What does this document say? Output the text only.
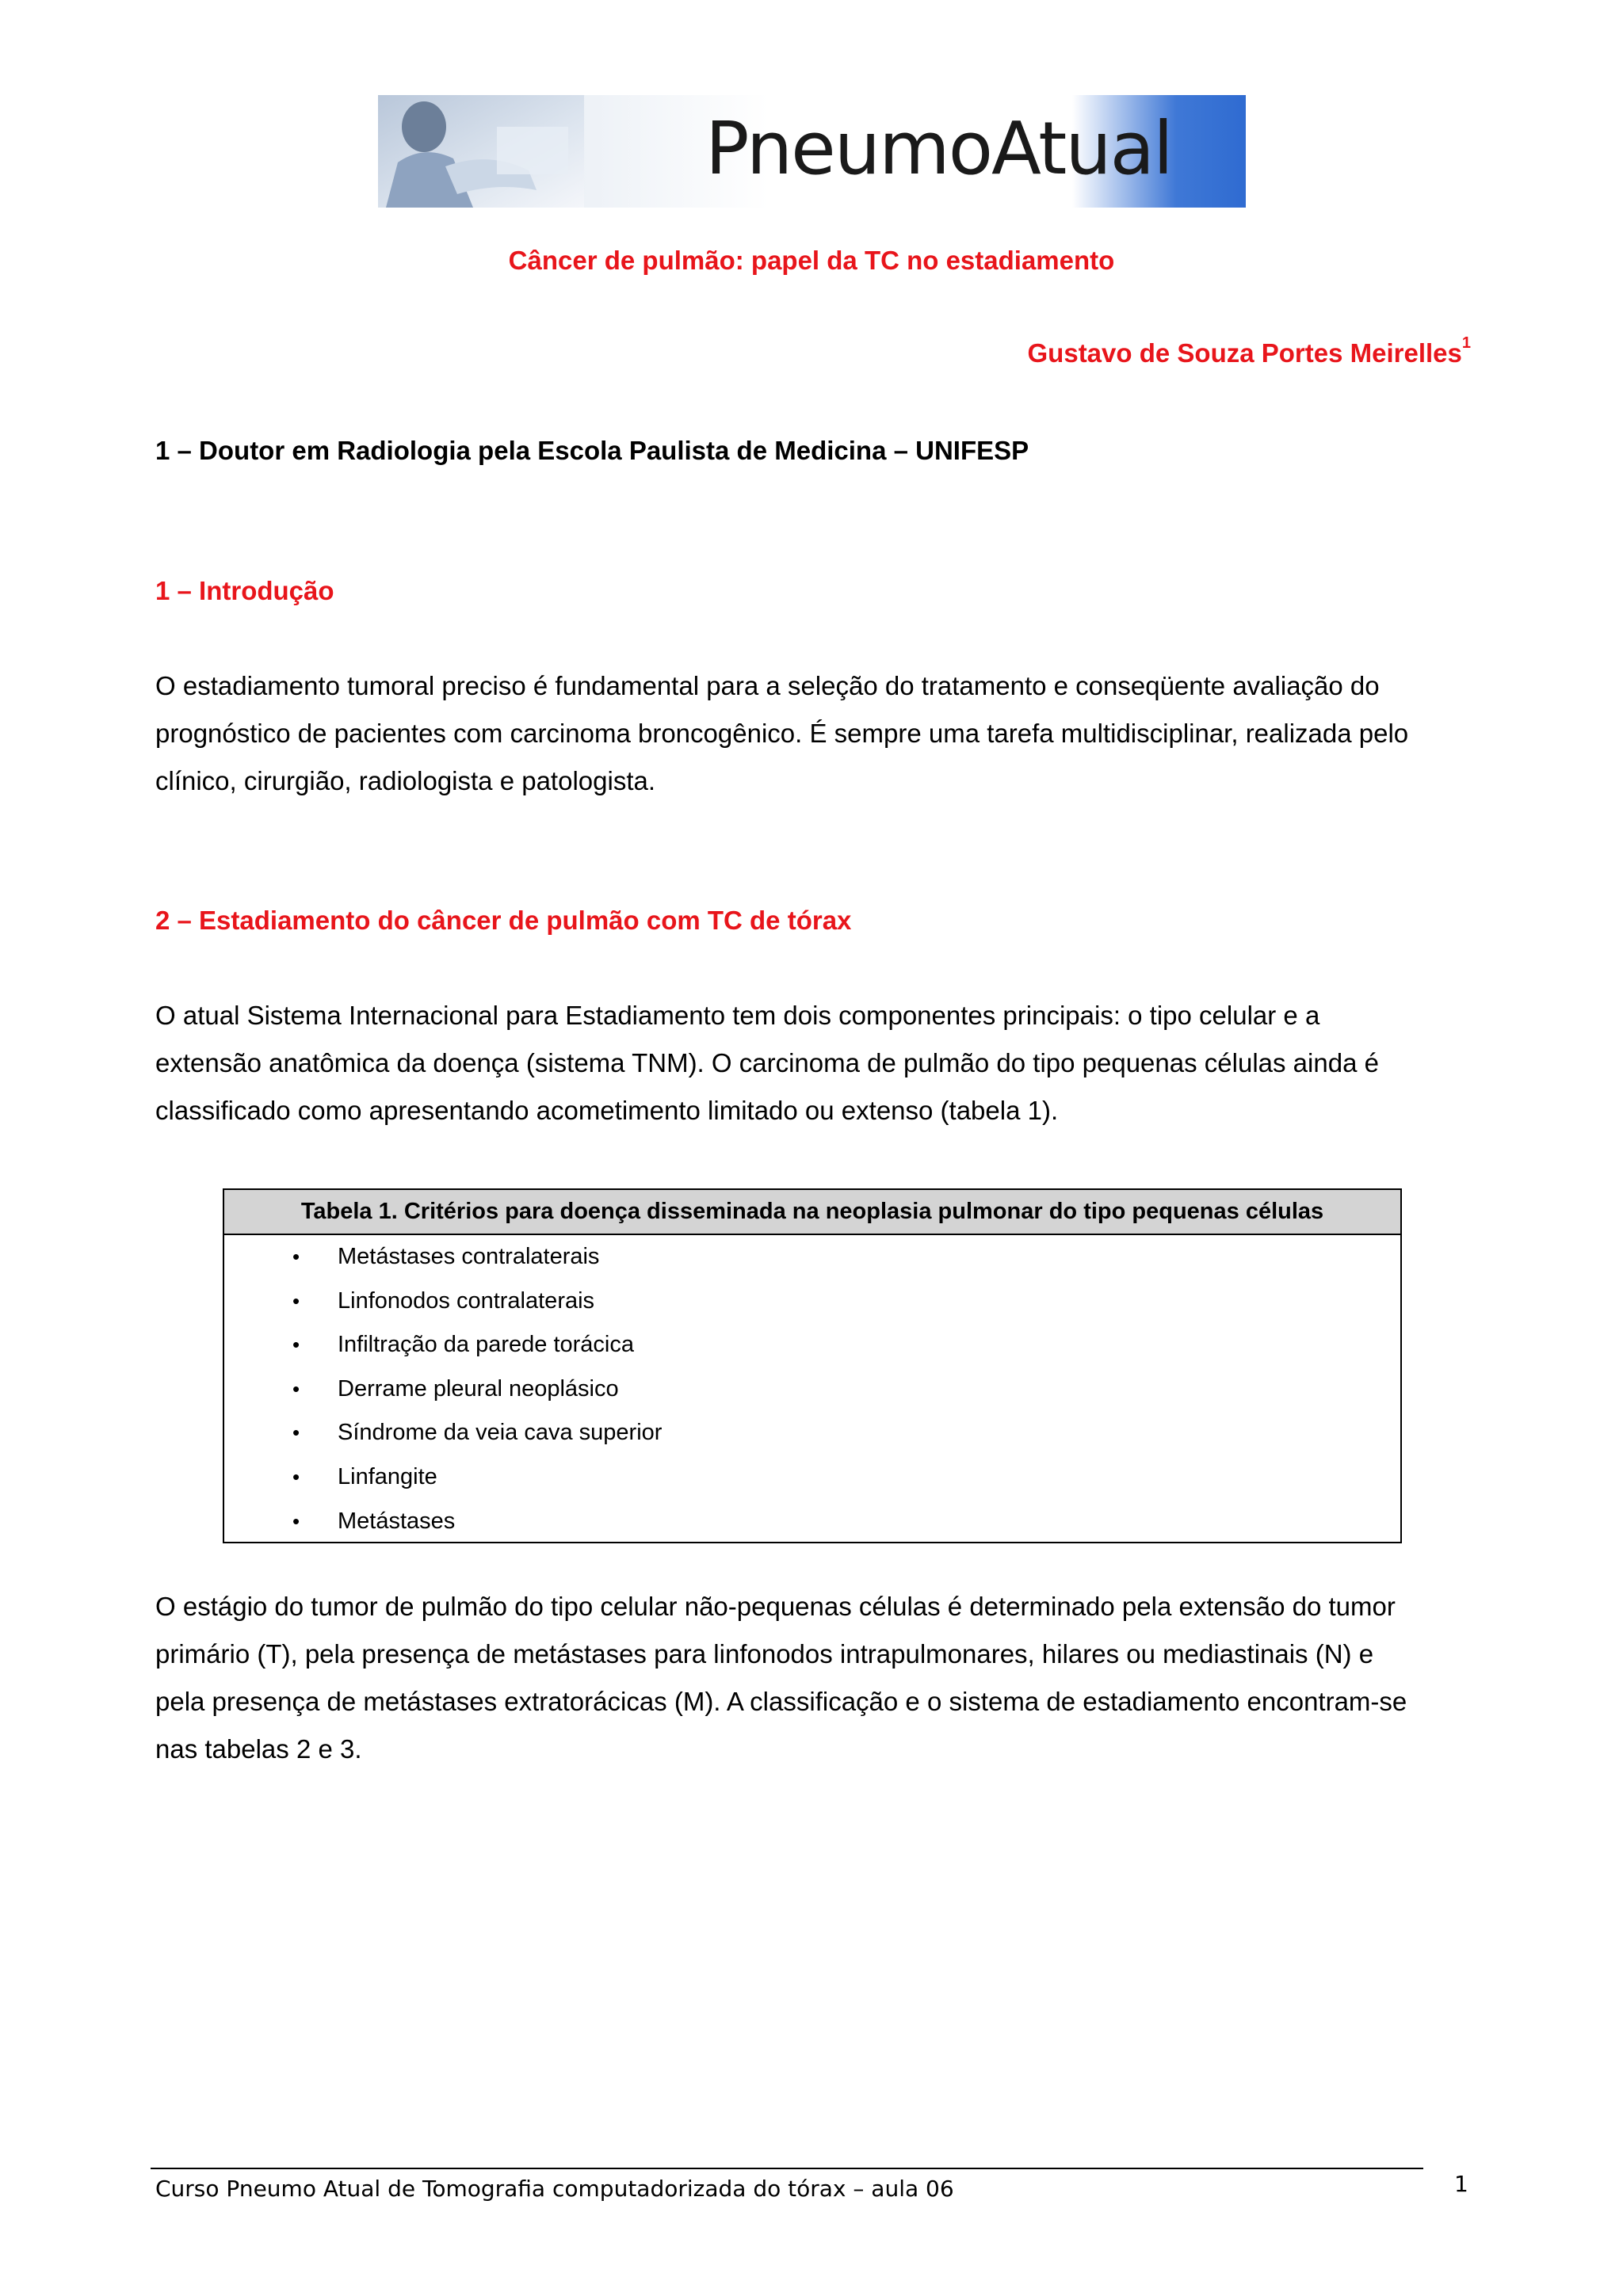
PneumoAtual
Câncer de pulmão: papel da TC no estadiamento
Gustavo de Souza Portes Meirelles$^1$
1 – Doutor em Radiologia pela Escola Paulista de Medicina – UNIFESP
1 – Introdução
O estadiamento tumoral preciso é fundamental para a seleção do tratamento e conseqüente avaliação do
prognóstico de pacientes com carcinoma broncogênico. É sempre uma tarefa multidisciplinar, realizada pelo
clínico, cirurgião, radiologista e patologista.
2 – Estadiamento do câncer de pulmão com TC de tórax
O atual Sistema Internacional para Estadiamento tem dois componentes principais: o tipo celular e a
extensão anatômica da doença (sistema TNM). O carcinoma de pulmão do tipo pequenas células ainda é
classificado como apresentando acometimento limitado ou extenso (tabela 1).
Tabela 1. Critérios para doença disseminada na neoplasia pulmonar do tipo pequenas células
• Metástases contralaterais
• Linfonodos contralaterais
• Infiltração da parede torácica
• Derrame pleural neoplásico
• Síndrome da veia cava superior
• Linfangite
• Metástases
O estágio do tumor de pulmão do tipo celular não-pequenas células é determinado pela extensão do tumor
primário (T), pela presença de metástases para linfonodos intrapulmonares, hilares ou mediastinais (N) e
pela presença de metástases extratorácicas (M). A classificação e o sistema de estadiamento encontram-se
nas tabelas 2 e 3.
Curso Pneumo Atual de Tomografia computadorizada do tórax – aula 06	1
